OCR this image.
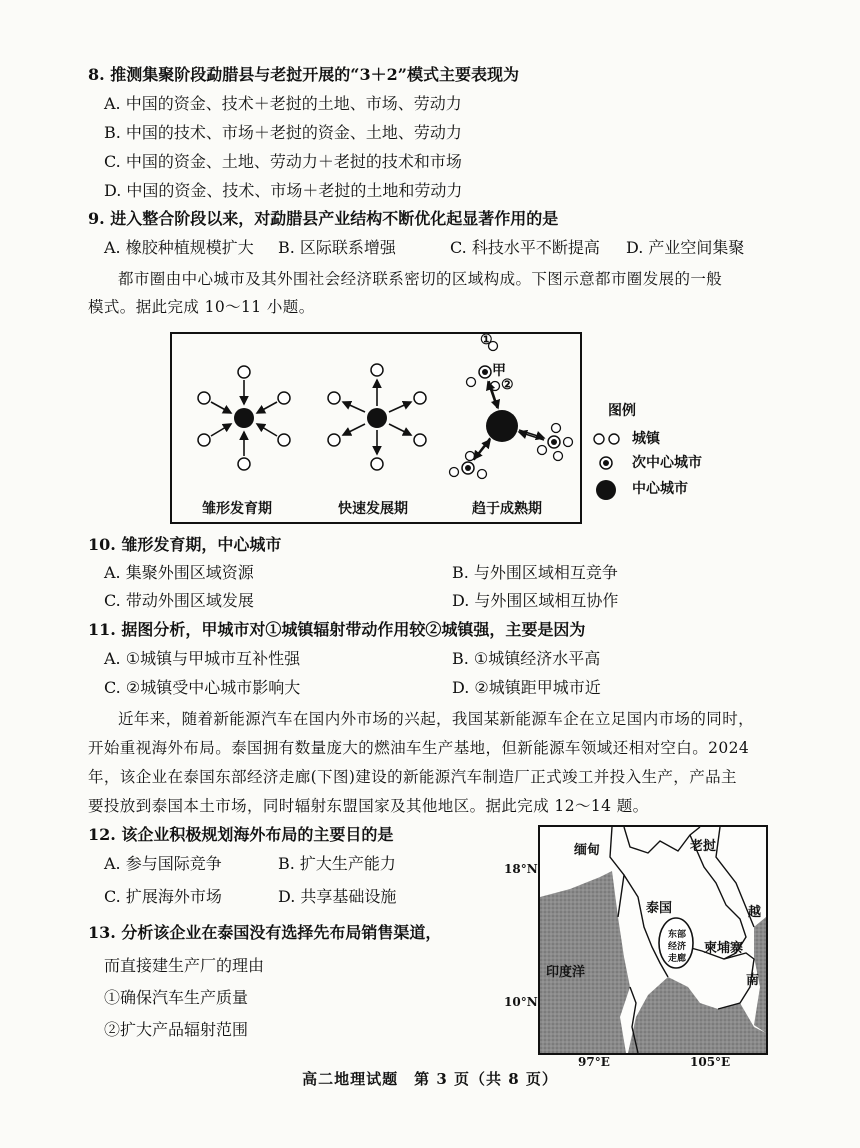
8. 推测集聚阶段勐腊县与老挝开展的“3＋2”模式主要表现为
A. 中国的资金、技术＋老挝的土地、市场、劳动力
B. 中国的技术、市场＋老挝的资金、土地、劳动力
C. 中国的资金、土地、劳动力＋老挝的技术和市场
D. 中国的资金、技术、市场＋老挝的土地和劳动力
9. 进入整合阶段以来，对勐腊县产业结构不断优化起显著作用的是
A. 橡胶种植规模扩大 B. 区际联系增强	C. 科技水平不断提高 D. 产业空间集聚
都市圈由中心城市及其外围社会经济联系密切的区域构成。下图示意都市圈发展的一般
模式。据此完成 10～11 小题。
①
甲
②
雏形发育期	快速发展期	趋于成熟期
图例
城镇
次中心城市
中心城市
10. 雏形发育期，中心城市
A. 集聚外围区域资源	B. 与外围区域相互竞争
C. 带动外围区域发展	D. 与外围区域相互协作
11. 据图分析，甲城市对①城镇辐射带动作用较②城镇强，主要是因为
A. ①城镇与甲城市互补性强	B. ①城镇经济水平高
C. ②城镇受中心城市影响大	D. ②城镇距甲城市近
近年来，随着新能源汽车在国内外市场的兴起，我国某新能源车企在立足国内市场的同时，
开始重视海外布局。泰国拥有数量庞大的燃油车生产基地，但新能源车领域还相对空白。2024
年，该企业在泰国东部经济走廊(下图)建设的新能源汽车制造厂正式竣工并投入生产，产品主
要投放到泰国本土市场，同时辐射东盟国家及其他地区。据此完成 12～14 题。
12. 该企业积极规划海外布局的主要目的是
A. 参与国际竞争	B. 扩大生产能力
C. 扩展海外市场	D. 共享基础设施
13. 分析该企业在泰国没有选择先布局销售渠道，
而直接建生产厂的理由
①确保汽车生产质量
②扩大产品辐射范围
18°N
10°N
97°E	105°E
缅甸	老挝
泰国
柬埔寨
越
南
印度洋
东部
经济
走廊
高二地理试题　第 3 页（共 8 页）
